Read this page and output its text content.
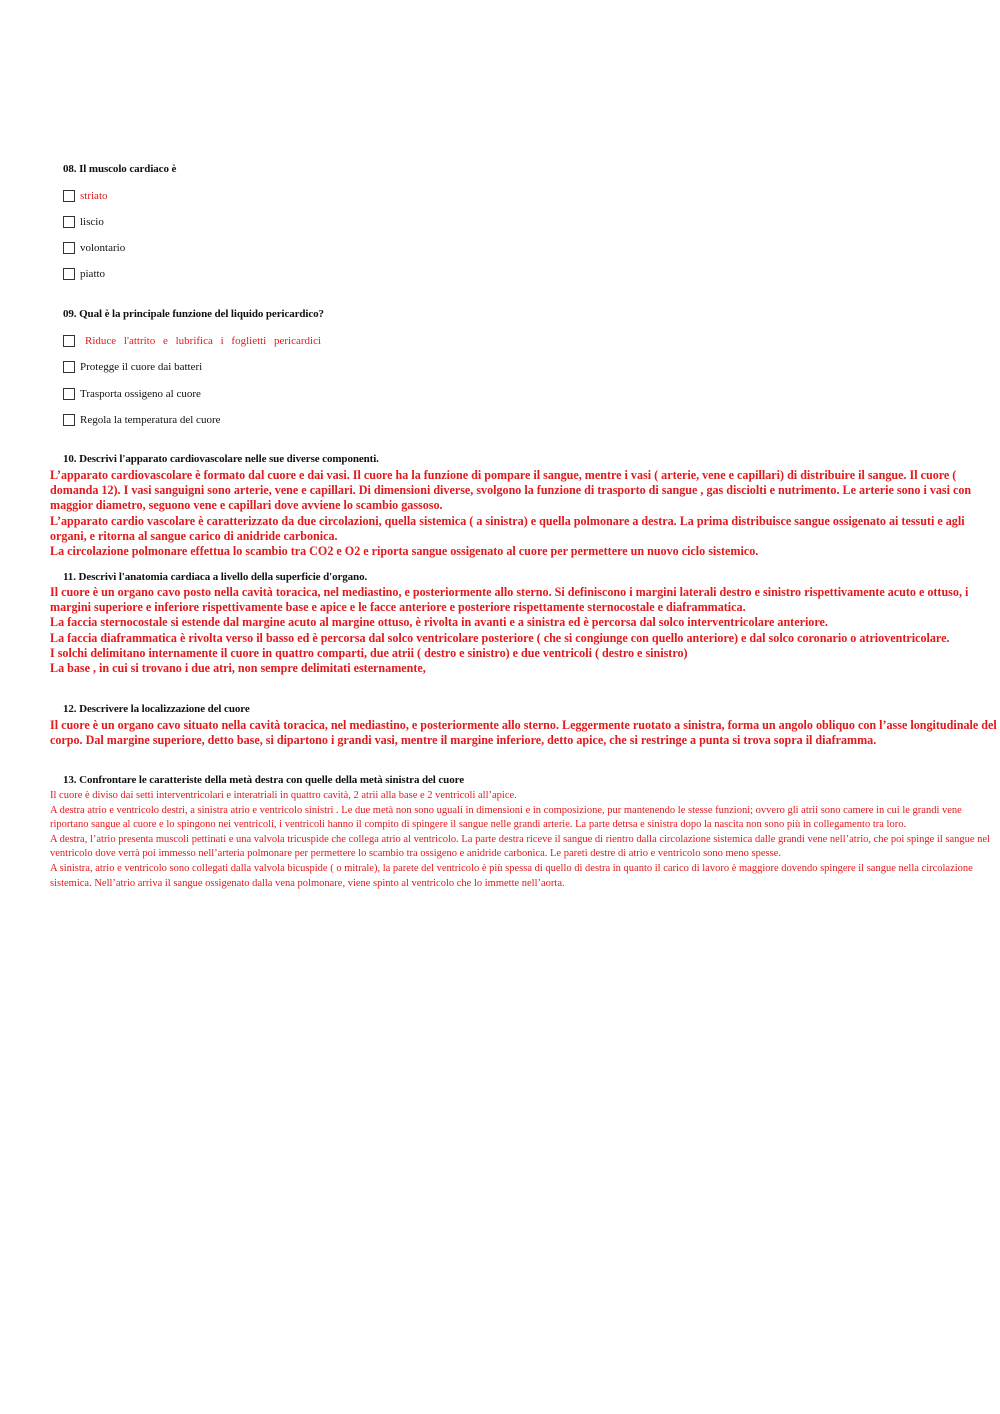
08. Il muscolo cardiaco è
striato
liscio
volontario
piatto
09. Qual è la principale funzione del liquido pericardico?
Riduce l'attrito e lubrifica i foglietti pericardici
Protegge il cuore dai batteri
Trasporta ossigeno al cuore
Regola la temperatura del cuore
10. Descrivi l'apparato cardiovascolare nelle sue diverse componenti.

L’apparato cardiovascolare è formato dal cuore e dai vasi. Il cuore ha la funzione di pompare il sangue, mentre i vasi ( arterie, vene e capillari) di distribuire il sangue. Il cuore ( domanda 12). I vasi sanguigni sono arterie, vene e capillari. Di dimensioni diverse, svolgono la funzione di trasporto di sangue , gas disciolti e nutrimento. Le arterie sono i vasi con maggior diametro, seguono vene e capillari dove avviene lo scambio gassoso.

L’apparato cardio vascolare è caratterizzato da due circolazioni, quella sistemica ( a sinistra) e quella polmonare a destra. La prima distribuisce sangue ossigenato ai tessuti e agli organi, e ritorna al sangue carico di anidride carbonica.

La circolazione polmonare effettua lo scambio tra CO2 e O2 e riporta sangue ossigenato al cuore per permettere un nuovo ciclo sistemico.

11. Descrivi l'anatomia cardiaca a livello della superficie d'organo.

Il cuore è un organo cavo posto nella cavità toracica, nel mediastino, e posteriormente allo sterno. Si definiscono i margini laterali destro e sinistro rispettivamente acuto e ottuso, i margini superiore e inferiore rispettivamente base e apice e le facce anteriore e posteriore rispettamente sternocostale e diaframmatica.

La faccia sternocostale si estende dal margine acuto al margine ottuso, è rivolta in avanti e a sinistra ed è percorsa dal solco interventricolare anteriore.

La faccia diaframmatica è rivolta verso il basso ed è percorsa dal solco ventricolare posteriore ( che si congiunge con quello anteriore) e dal solco coronario o atrioventricolare.

I solchi delimitano internamente il cuore in quattro comparti, due atrii ( destro e sinistro) e due ventricoli ( destro e sinistro)

La base , in cui si trovano i due atri, non sempre delimitati esternamente,

12. Descrivere la localizzazione del cuore

Il cuore è un organo cavo situato nella cavità toracica, nel mediastino, e posteriormente allo sterno. Leggermente ruotato a sinistra, forma un angolo obliquo con l’asse longitudinale del corpo. Dal margine superiore, detto base, si dipartono i grandi vasi, mentre il margine inferiore, detto apice, che si restringe a punta si trova sopra il diaframma.

13. Confrontare le caratteriste della metà destra con quelle della metà sinistra del cuore

Il cuore è diviso dai setti interventricolari e interatriali in quattro cavità, 2 atrii alla base e 2 ventricoli all’apice.

A destra atrio e ventricolo destri, a sinistra atrio e ventricolo sinistri . Le due metà non sono uguali in dimensioni e in composizione, pur mantenendo le stesse funzioni; ovvero gli atrii sono camere in cui le grandi vene riportano sangue al cuore e lo spingono nei ventricoli, i ventricoli hanno il compito di spingere il sangue nelle grandi arterie. La parte detrsa e sinistra dopo la nascita non sono più in collegamento tra loro.

A destra, l’atrio presenta muscoli pettinati e una valvola tricuspide che collega atrio al ventricolo. La parte destra riceve il sangue di rientro dalla circolazione sistemica dalle grandi vene nell’atrio, che poi spinge il sangue nel ventricolo dove verrà poi immesso nell’arteria polmonare per permettere lo scambio tra ossigeno e anidride carbonica. Le pareti destre di atrio e ventricolo sono meno spesse.

A sinistra, atrio e ventricolo sono collegati dalla valvola bicuspide ( o mitrale), la parete del ventricolo è più spessa di quello di destra in quanto il carico di lavoro è maggiore dovendo spingere il sangue nella circolazione sistemica. Nell’atrio arriva il sangue ossigenato dalla vena polmonare, viene spinto al ventricolo che lo immette nell’aorta.
